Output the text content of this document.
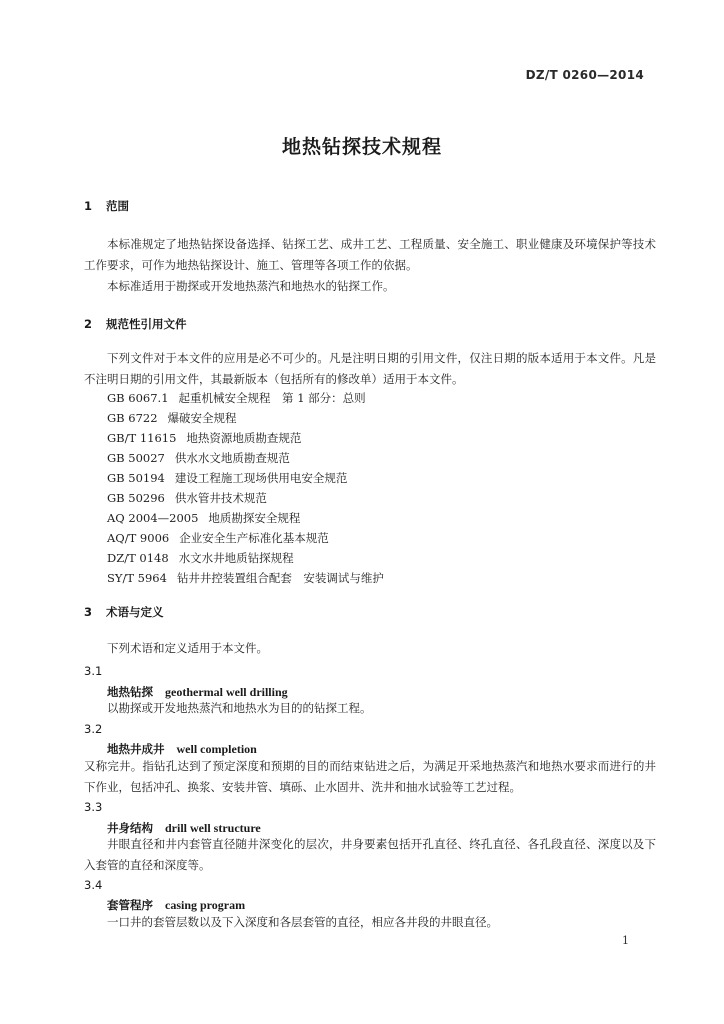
DZ/T 0260—2014
地热钻探技术规程
1 范围
本标准规定了地热钻探设备选择、钻探工艺、成井工艺、工程质量、安全施工、职业健康及环境保护等技术工作要求，可作为地热钻探设计、施工、管理等各项工作的依据。
本标准适用于勘探或开发地热蒸汽和地热水的钻探工作。
2 规范性引用文件
下列文件对于本文件的应用是必不可少的。凡是注明日期的引用文件，仅注日期的版本适用于本文件。凡是不注明日期的引用文件，其最新版本（包括所有的修改单）适用于本文件。
GB 6067.1 起重机械安全规程　第 1 部分：总则
GB 6722 爆破安全规程
GB/T 11615 地热资源地质勘查规范
GB 50027 供水水文地质勘查规范
GB 50194 建设工程施工现场供用电安全规范
GB 50296 供水管井技术规范
AQ 2004—2005 地质勘探安全规程
AQ/T 9006 企业安全生产标准化基本规范
DZ/T 0148 水文水井地质钻探规程
SY/T 5964 钻井井控装置组合配套　安装调试与维护
3 术语与定义
下列术语和定义适用于本文件。
3.1
地热钻探 geothermal well drilling
以勘探或开发地热蒸汽和地热水为目的的钻探工程。
3.2
地热井成井 well completion
又称完井。指钻孔达到了预定深度和预期的目的而结束钻进之后，为满足开采地热蒸汽和地热水要求而进行的井下作业，包括冲孔、换浆、安装井管、填砾、止水固井、洗井和抽水试验等工艺过程。
3.3
井身结构 drill well structure
井眼直径和井内套管直径随井深变化的层次，井身要素包括开孔直径、终孔直径、各孔段直径、深度以及下入套管的直径和深度等。
3.4
套管程序 casing program
一口井的套管层数以及下入深度和各层套管的直径，相应各井段的井眼直径。
1
